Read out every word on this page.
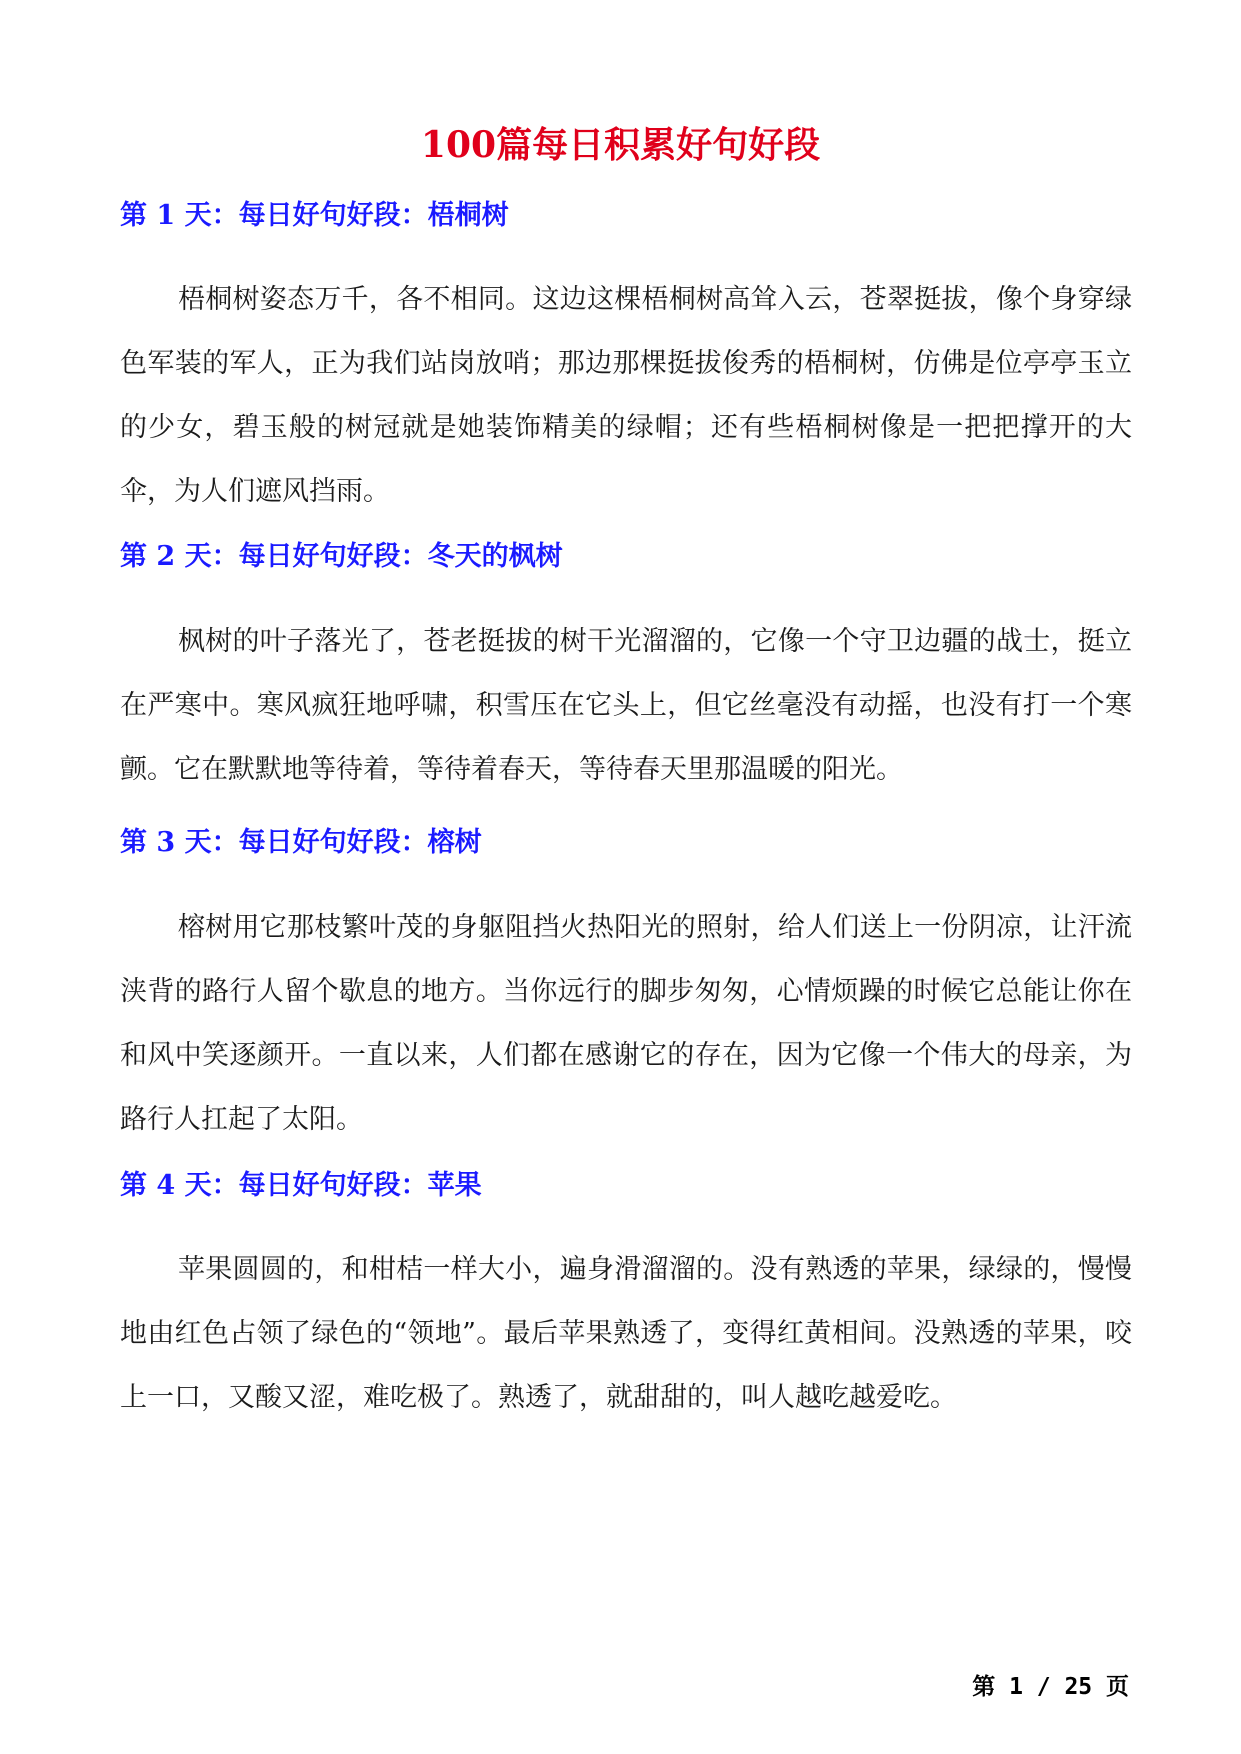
100篇每日积累好句好段
第 1 天：每日好句好段：梧桐树

梧桐树姿态万千，各不相同。这边这棵梧桐树高耸入云，苍翠挺拔，像个身穿绿色军装的军人，正为我们站岗放哨；那边那棵挺拔俊秀的梧桐树，仿佛是位亭亭玉立的少女，碧玉般的树冠就是她装饰精美的绿帽；还有些梧桐树像是一把把撑开的大伞，为人们遮风挡雨。

第 2 天：每日好句好段：冬天的枫树

枫树的叶子落光了，苍老挺拔的树干光溜溜的，它像一个守卫边疆的战士，挺立在严寒中。寒风疯狂地呼啸，积雪压在它头上，但它丝毫没有动摇，也没有打一个寒颤。它在默默地等待着，等待着春天，等待春天里那温暖的阳光。

第 3 天：每日好句好段：榕树

榕树用它那枝繁叶茂的身躯阻挡火热阳光的照射，给人们送上一份阴凉，让汗流浃背的路行人留个歇息的地方。当你远行的脚步匆匆，心情烦躁的时候它总能让你在和风中笑逐颜开。一直以来，人们都在感谢它的存在，因为它像一个伟大的母亲，为路行人扛起了太阳。

第 4 天：每日好句好段：苹果

苹果圆圆的，和柑桔一样大小，遍身滑溜溜的。没有熟透的苹果，绿绿的，慢慢地由红色占领了绿色的“领地”。最后苹果熟透了，变得红黄相间。没熟透的苹果，咬上一口，又酸又涩，难吃极了。熟透了，就甜甜的，叫人越吃越爱吃。

第 1 / 25 页
